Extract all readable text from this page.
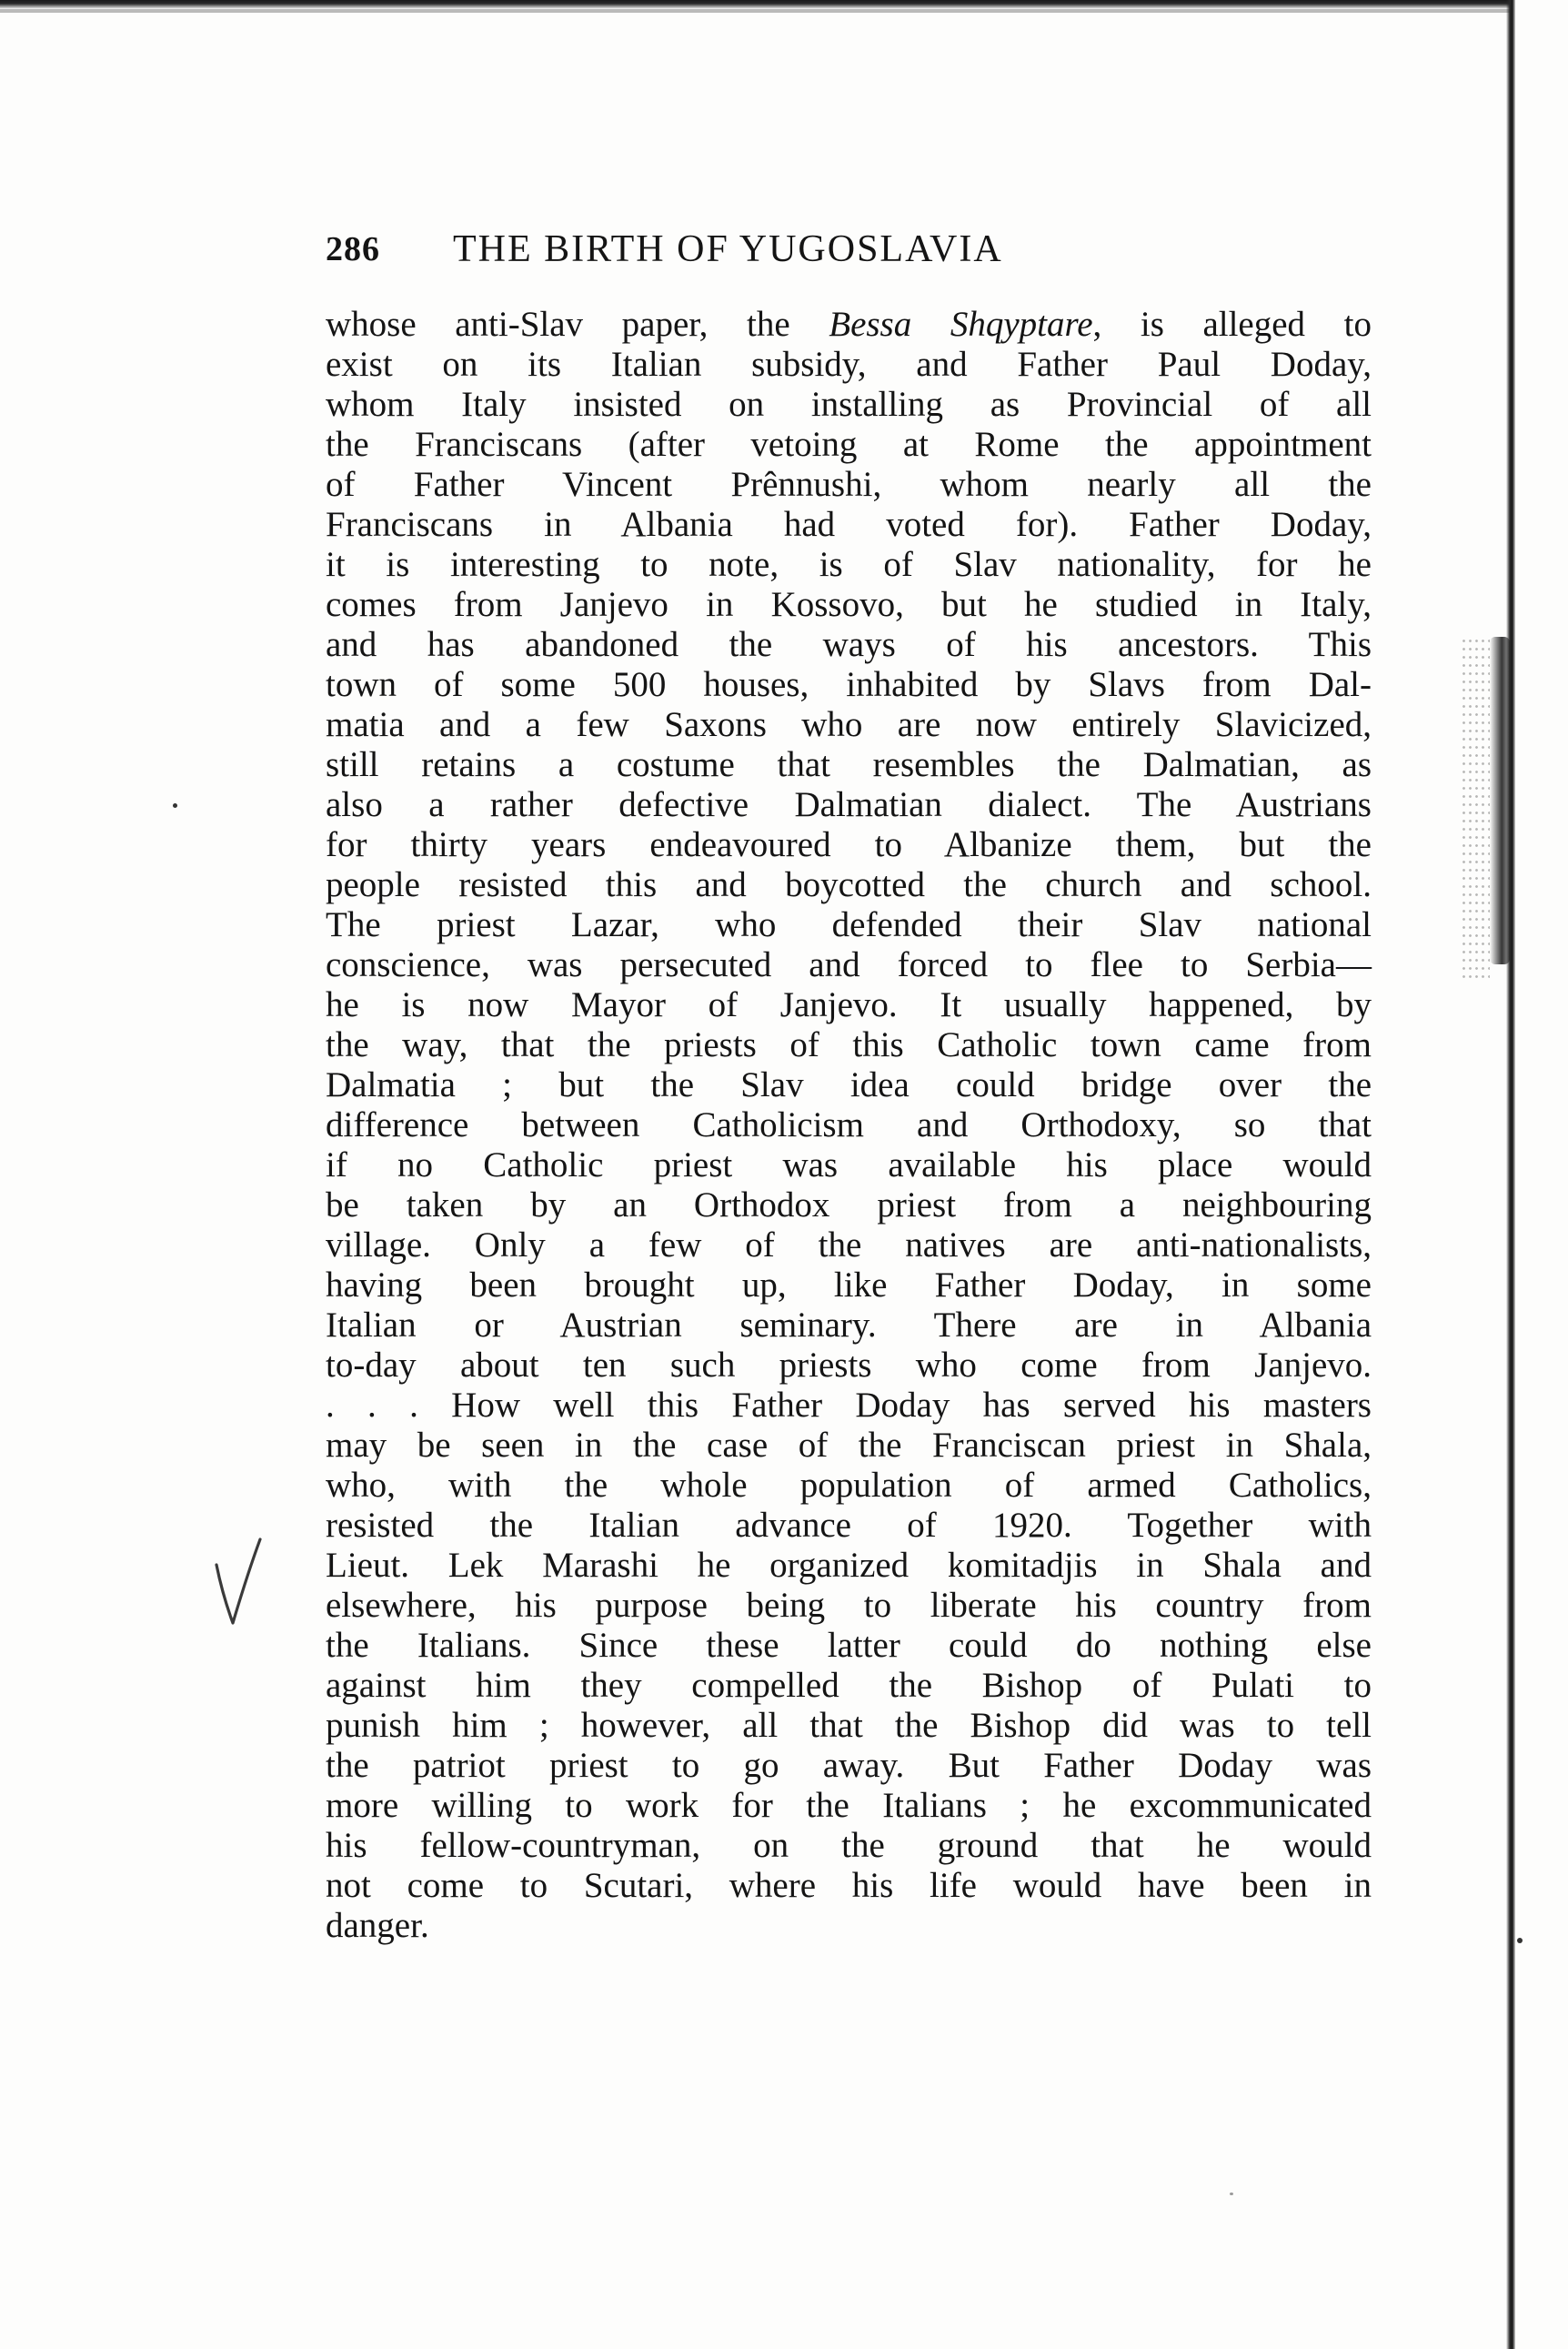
286 THE BIRTH OF YUGOSLAVIA
whose anti-Slav paper, the Bessa Shqyptare, is alleged to
exist on its Italian subsidy, and Father Paul Doday,
whom Italy insisted on installing as Provincial of all
the Franciscans (after vetoing at Rome the appointment
of Father Vincent Prênnushi, whom nearly all the
Franciscans in Albania had voted for). Father Doday,
it is interesting to note, is of Slav nationality, for he
comes from Janjevo in Kossovo, but he studied in Italy,
and has abandoned the ways of his ancestors. This
town of some 500 houses, inhabited by Slavs from Dal-
matia and a few Saxons who are now entirely Slavicized,
still retains a costume that resembles the Dalmatian, as
also a rather defective Dalmatian dialect. The Austrians
for thirty years endeavoured to Albanize them, but the
people resisted this and boycotted the church and school.
The priest Lazar, who defended their Slav national
conscience, was persecuted and forced to flee to Serbia—
he is now Mayor of Janjevo. It usually happened, by
the way, that the priests of this Catholic town came from
Dalmatia ; but the Slav idea could bridge over the
difference between Catholicism and Orthodoxy, so that
if no Catholic priest was available his place would
be taken by an Orthodox priest from a neighbouring
village. Only a few of the natives are anti-nationalists,
having been brought up, like Father Doday, in some
Italian or Austrian seminary. There are in Albania
to-day about ten such priests who come from Janjevo.
. . . How well this Father Doday has served his masters
may be seen in the case of the Franciscan priest in Shala,
who, with the whole population of armed Catholics,
resisted the Italian advance of 1920. Together with
Lieut. Lek Marashi he organized komitadjis in Shala and
elsewhere, his purpose being to liberate his country from
the Italians. Since these latter could do nothing else
against him they compelled the Bishop of Pulati to
punish him ; however, all that the Bishop did was to tell
the patriot priest to go away. But Father Doday was
more willing to work for the Italians ; he excommunicated
his fellow-countryman, on the ground that he would
not come to Scutari, where his life would have been in
danger.
